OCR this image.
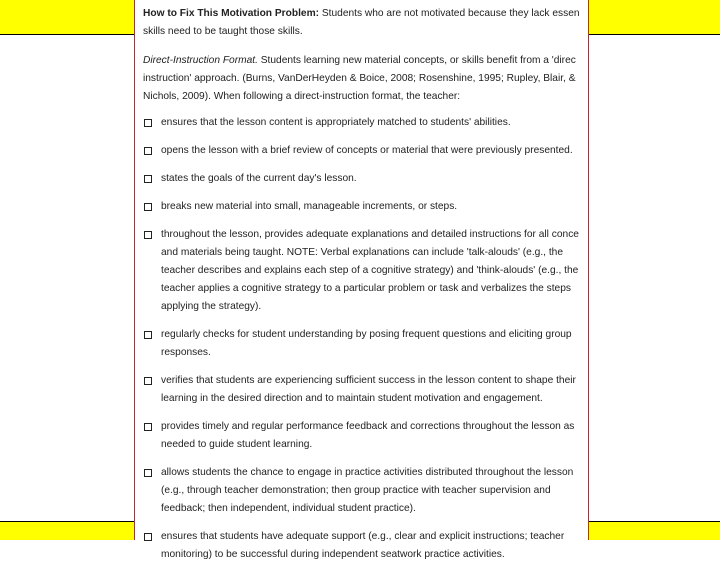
How to Fix This Motivation Problem: Students who are not motivated because they lack essen

skills need to be taught those skills.

Direct-Instruction Format. Students learning new material concepts, or skills benefit from a 'direc

instruction' approach. (Burns, VanDerHeyden & Boice, 2008; Rosenshine, 1995; Rupley, Blair, &

Nichols, 2009). When following a direct-instruction format, the teacher:

ensures that the lesson content is appropriately matched to students' abilities.
opens the lesson with a brief review of concepts or material that were previously presented.
states the goals of the current day's lesson.
breaks new material into small, manageable increments, or steps.
throughout the lesson, provides adequate explanations and detailed instructions for all conce
and materials being taught. NOTE: Verbal explanations can include 'talk-alouds' (e.g., the
teacher describes and explains each step of a cognitive strategy) and 'think-alouds' (e.g., the
teacher applies a cognitive strategy to a particular problem or task and verbalizes the steps
applying the strategy).
regularly checks for student understanding by posing frequent questions and eliciting group
responses.
verifies that students are experiencing sufficient success in the lesson content to shape their
learning in the desired direction and to maintain student motivation and engagement.
provides timely and regular performance feedback and corrections throughout the lesson as
needed to guide student learning.
allows students the chance to engage in practice activities distributed throughout the lesson
(e.g., through teacher demonstration; then group practice with teacher supervision and
feedback; then independent, individual student practice).
ensures that students have adequate support (e.g., clear and explicit instructions; teacher
monitoring) to be successful during independent seatwork practice activities.
